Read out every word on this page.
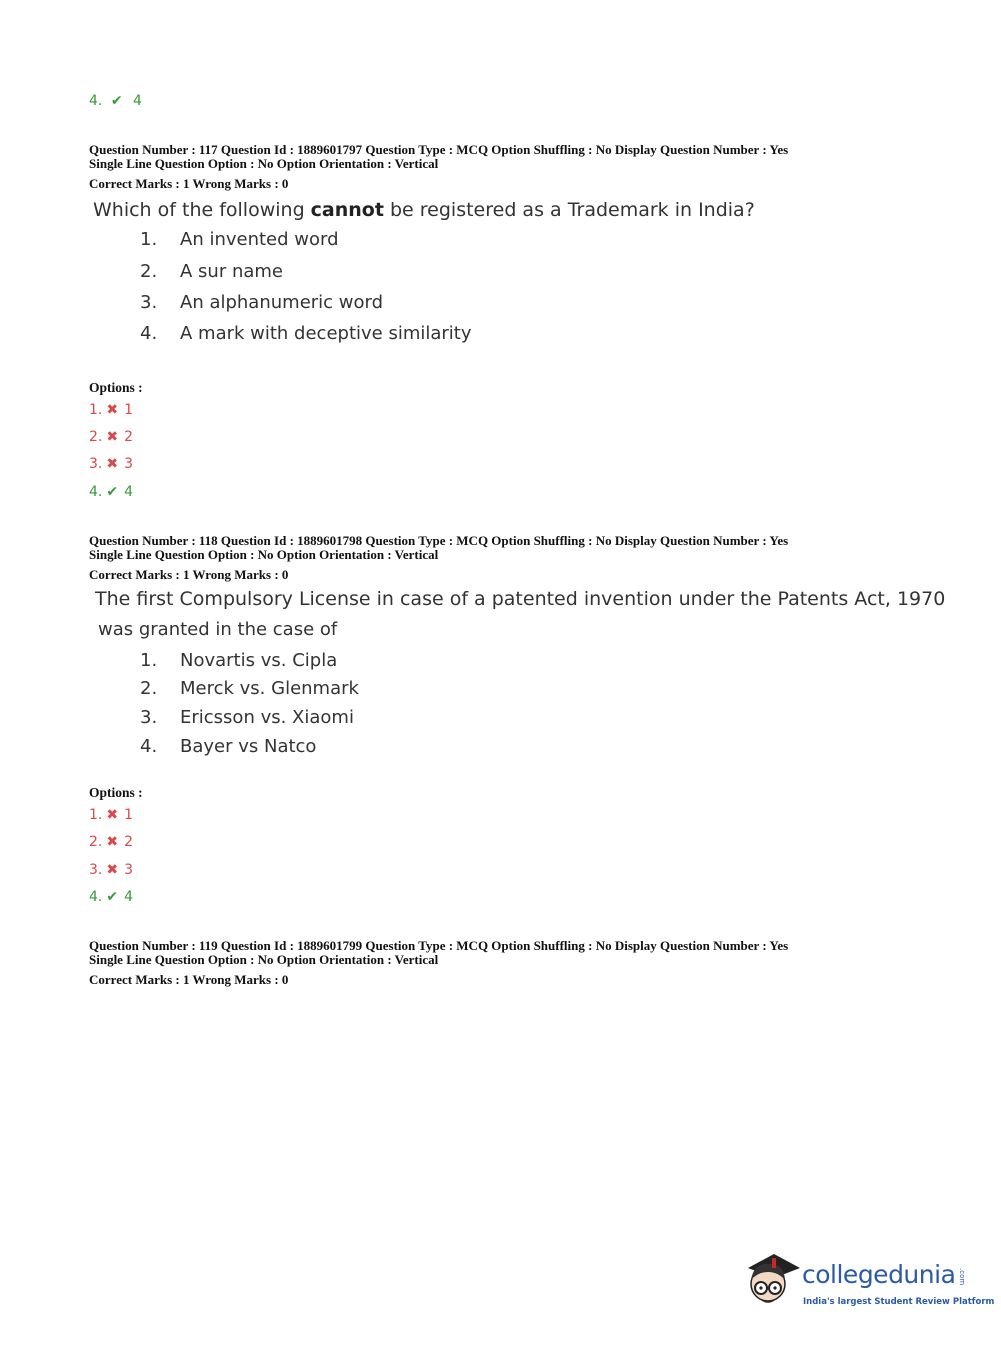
4. ✔ 4
Question Number : 117 Question Id : 1889601797 Question Type : MCQ Option Shuffling : No Display Question Number : Yes
Single Line Question Option : No Option Orientation : Vertical
Correct Marks : 1 Wrong Marks : 0
Which of the following cannot be registered as a Trademark in India?
1. An invented word
2. A sur name
3. An alphanumeric word
4. A mark with deceptive similarity
Options :
1. ✖ 1
2. ✖ 2
3. ✖ 3
4. ✔ 4
Question Number : 118 Question Id : 1889601798 Question Type : MCQ Option Shuffling : No Display Question Number : Yes
Single Line Question Option : No Option Orientation : Vertical
Correct Marks : 1 Wrong Marks : 0
The first Compulsory License in case of a patented invention under the Patents Act, 1970
was granted in the case of
1. Novartis vs. Cipla
2. Merck vs. Glenmark
3. Ericsson vs. Xiaomi
4. Bayer vs Natco
Options :
1. ✖ 1
2. ✖ 2
3. ✖ 3
4. ✔ 4
Question Number : 119 Question Id : 1889601799 Question Type : MCQ Option Shuffling : No Display Question Number : Yes
Single Line Question Option : No Option Orientation : Vertical
Correct Marks : 1 Wrong Marks : 0
collegedunia .com
India's largest Student Review Platform
